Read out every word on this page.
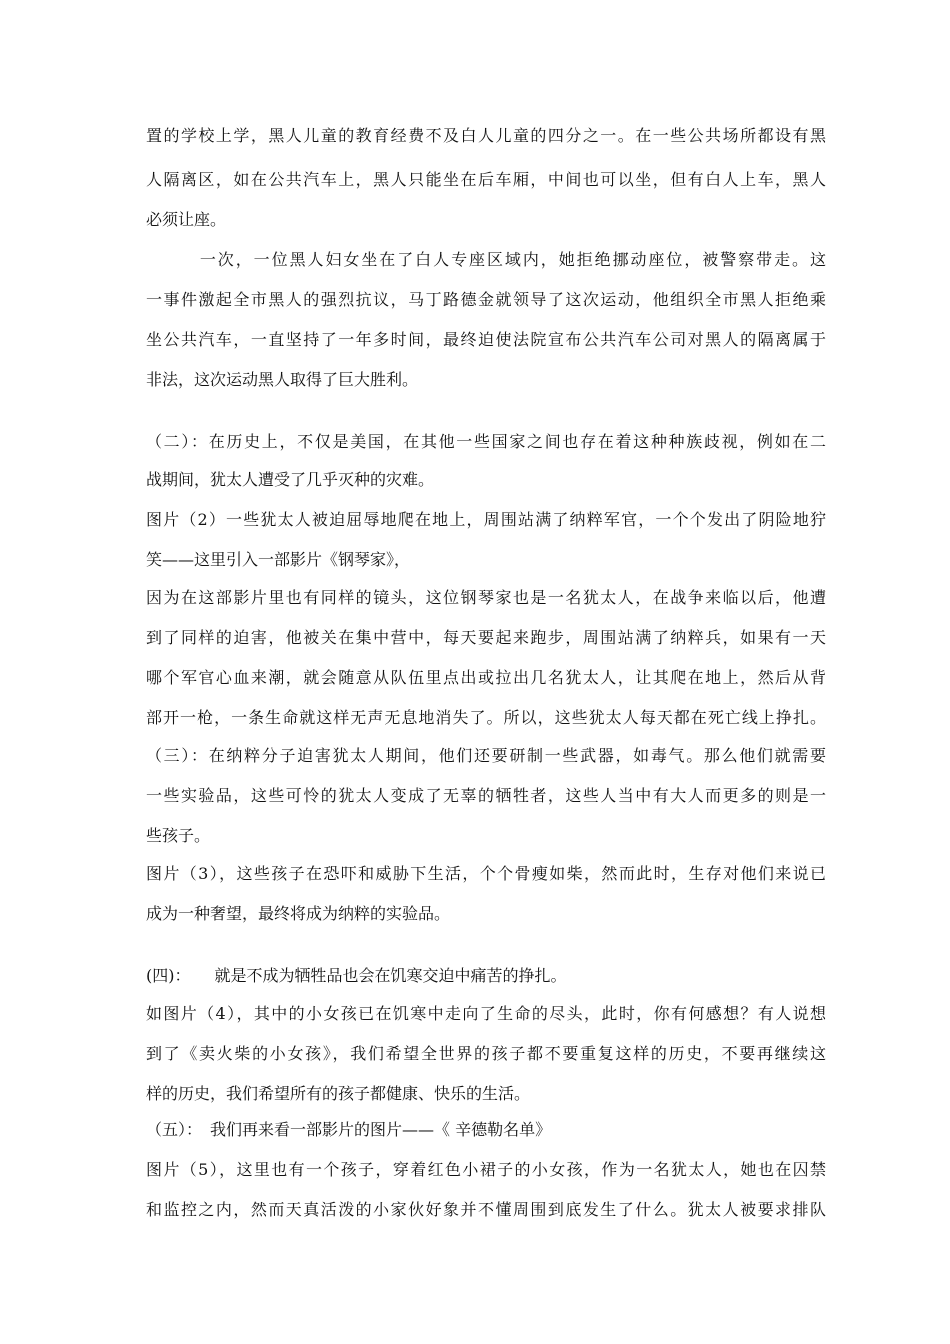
置的学校上学，黑人儿童的教育经费不及白人儿童的四分之一。在一些公共场所都设有黑

人隔离区，如在公共汽车上，黑人只能坐在后车厢，中间也可以坐，但有白人上车，黑人

必须让座。

　　　一次，一位黑人妇女坐在了白人专座区域内，她拒绝挪动座位，被警察带走。这

一事件激起全市黑人的强烈抗议，马丁路德金就领导了这次运动，他组织全市黑人拒绝乘

坐公共汽车，一直坚持了一年多时间，最终迫使法院宣布公共汽车公司对黑人的隔离属于

非法，这次运动黑人取得了巨大胜利。

（二）：在历史上，不仅是美国，在其他一些国家之间也存在着这种种族歧视，例如在二

战期间，犹太人遭受了几乎灭种的灾难。

图片（2）一些犹太人被迫屈辱地爬在地上，周围站满了纳粹军官，一个个发出了阴险地狞

笑——这里引入一部影片《钢琴家》，

因为在这部影片里也有同样的镜头，这位钢琴家也是一名犹太人，在战争来临以后，他遭

到了同样的迫害，他被关在集中营中，每天要起来跑步，周围站满了纳粹兵，如果有一天

哪个军官心血来潮，就会随意从队伍里点出或拉出几名犹太人，让其爬在地上，然后从背

部开一枪，一条生命就这样无声无息地消失了。所以，这些犹太人每天都在死亡线上挣扎。

（三）：在纳粹分子迫害犹太人期间，他们还要研制一些武器，如毒气。那么他们就需要

一些实验品，这些可怜的犹太人变成了无辜的牺牲者，这些人当中有大人而更多的则是一

些孩子。

图片（3），这些孩子在恐吓和威胁下生活，个个骨瘦如柴，然而此时，生存对他们来说已

成为一种奢望，最终将成为纳粹的实验品。

(四)：　　就是不成为牺牲品也会在饥寒交迫中痛苦的挣扎。

如图片（4），其中的小女孩已在饥寒中走向了生命的尽头，此时，你有何感想？有人说想

到了《卖火柴的小女孩》，我们希望全世界的孩子都不要重复这样的历史，不要再继续这

样的历史，我们希望所有的孩子都健康、快乐的生活。

（五）：　我们再来看一部影片的图片——《 辛德勒名单》

图片（5），这里也有一个孩子，穿着红色小裙子的小女孩，作为一名犹太人，她也在囚禁

和监控之内，然而天真活泼的小家伙好象并不懂周围到底发生了什么。犹太人被要求排队
